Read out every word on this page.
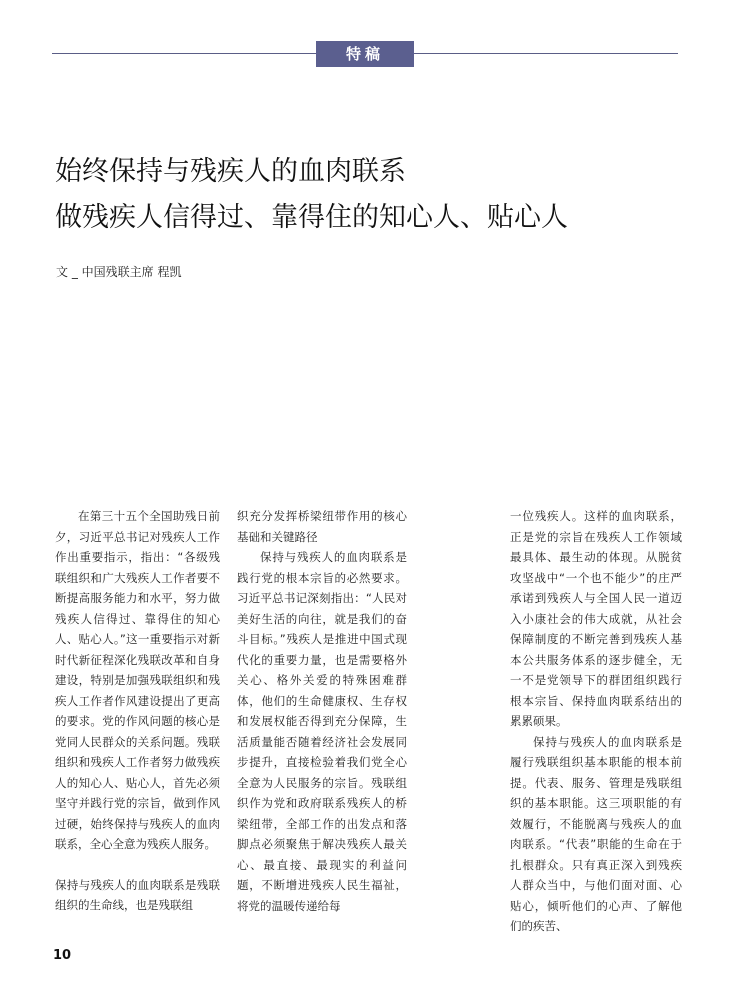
特稿
始终保持与残疾人的血肉联系
做残疾人信得过、靠得住的知心人、贴心人
文 _ 中国残联主席 程凯

在第三十五个全国助残日前夕，习近平总书记对残疾人工作作出重要指示，指出：“各级残联组织和广大残疾人工作者要不断提高服务能力和水平，努力做残疾人信得过、靠得住的知心人、贴心人。”这一重要指示对新时代新征程深化残联改革和自身建设，特别是加强残联组织和残疾人工作者作风建设提出了更高的要求。党的作风问题的核心是党同人民群众的关系问题。残联组织和残疾人工作者努力做残疾人的知心人、贴心人，首先必须坚守并践行党的宗旨，做到作风过硬，始终保持与残疾人的血肉联系，全心全意为残疾人服务。

保持与残疾人的血肉联系是残联组织的生命线，也是残联组

织充分发挥桥梁纽带作用的核心基础和关键路径

保持与残疾人的血肉联系是践行党的根本宗旨的必然要求。习近平总书记深刻指出：“人民对美好生活的向往，就是我们的奋斗目标。”残疾人是推进中国式现代化的重要力量，也是需要格外关心、格外关爱的特殊困难群体，他们的生命健康权、生存权和发展权能否得到充分保障，生活质量能否随着经济社会发展同步提升，直接检验着我们党全心全意为人民服务的宗旨。残联组织作为党和政府联系残疾人的桥梁纽带，全部工作的出发点和落脚点必须聚焦于解决残疾人最关心、最直接、最现实的利益问题，不断增进残疾人民生福祉，将党的温暖传递给每

一位残疾人。这样的血肉联系，正是党的宗旨在残疾人工作领域最具体、最生动的体现。从脱贫攻坚战中“一个也不能少”的庄严承诺到残疾人与全国人民一道迈入小康社会的伟大成就，从社会保障制度的不断完善到残疾人基本公共服务体系的逐步健全，无一不是党领导下的群团组织践行根本宗旨、保持血肉联系结出的累累硕果。

保持与残疾人的血肉联系是履行残联组织基本职能的根本前提。代表、服务、管理是残联组织的基本职能。这三项职能的有效履行，不能脱离与残疾人的血肉联系。“代表”职能的生命在于扎根群众。只有真正深入到残疾人群众当中，与他们面对面、心贴心，倾听他们的心声、了解他们的疾苦、

10
